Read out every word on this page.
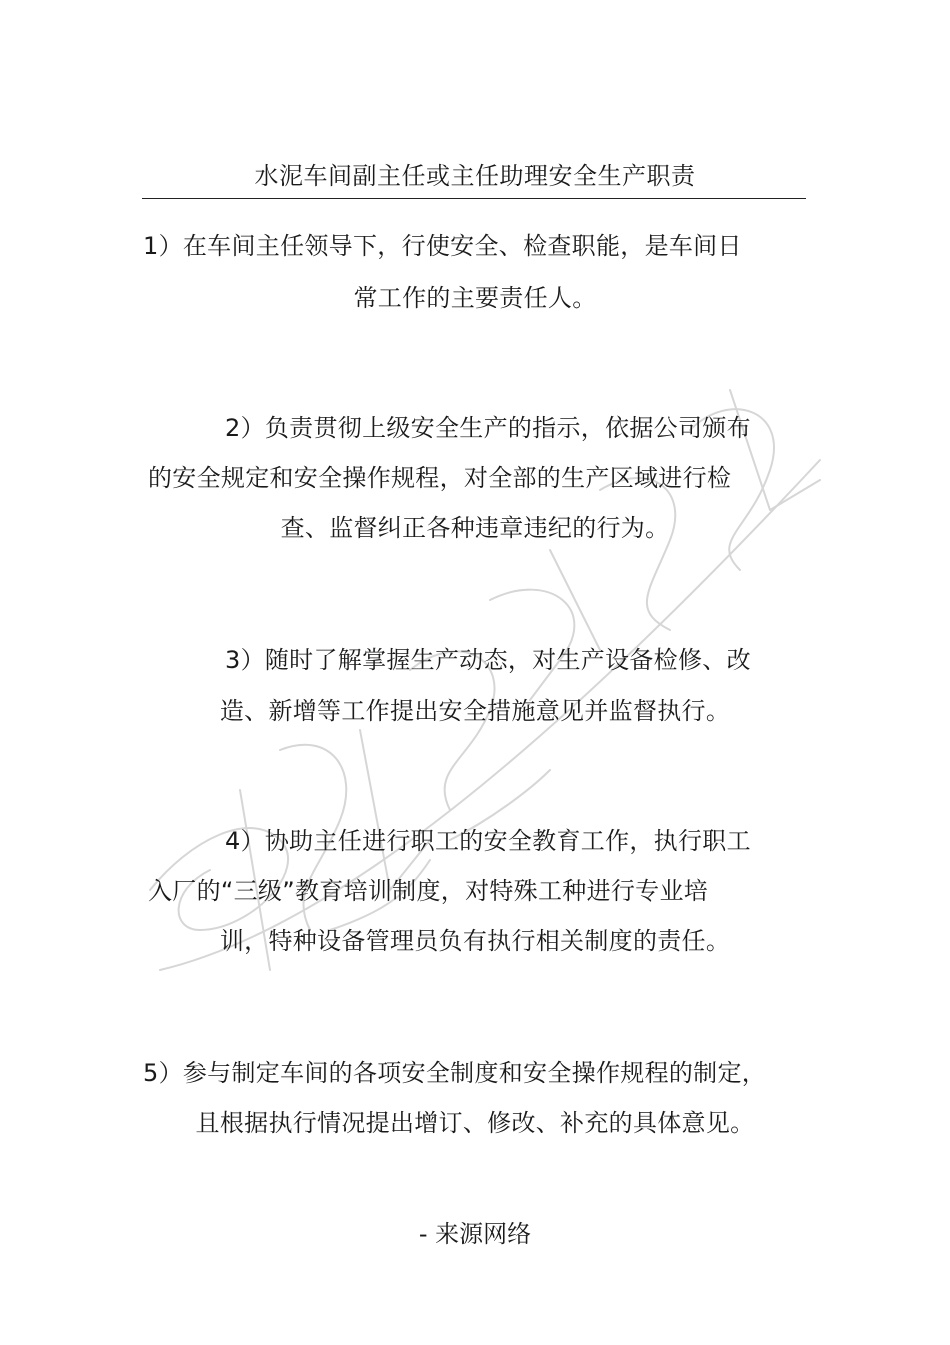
水泥车间副主任或主任助理安全生产职责
1）在车间主任领导下，行使安全、检查职能，是车间日
常工作的主要责任人。
2）负责贯彻上级安全生产的指示，依据公司颁布
的安全规定和安全操作规程，对全部的生产区域进行检
查、监督纠正各种违章违纪的行为。
3）随时了解掌握生产动态，对生产设备检修、改
造、新增等工作提出安全措施意见并监督执行。
4）协助主任进行职工的安全教育工作，执行职工
入厂的“三级”教育培训制度，对特殊工种进行专业培
训，特种设备管理员负有执行相关制度的责任。
5）参与制定车间的各项安全制度和安全操作规程的制定，
且根据执行情况提出增订、修改、补充的具体意见。
- 来源网络
